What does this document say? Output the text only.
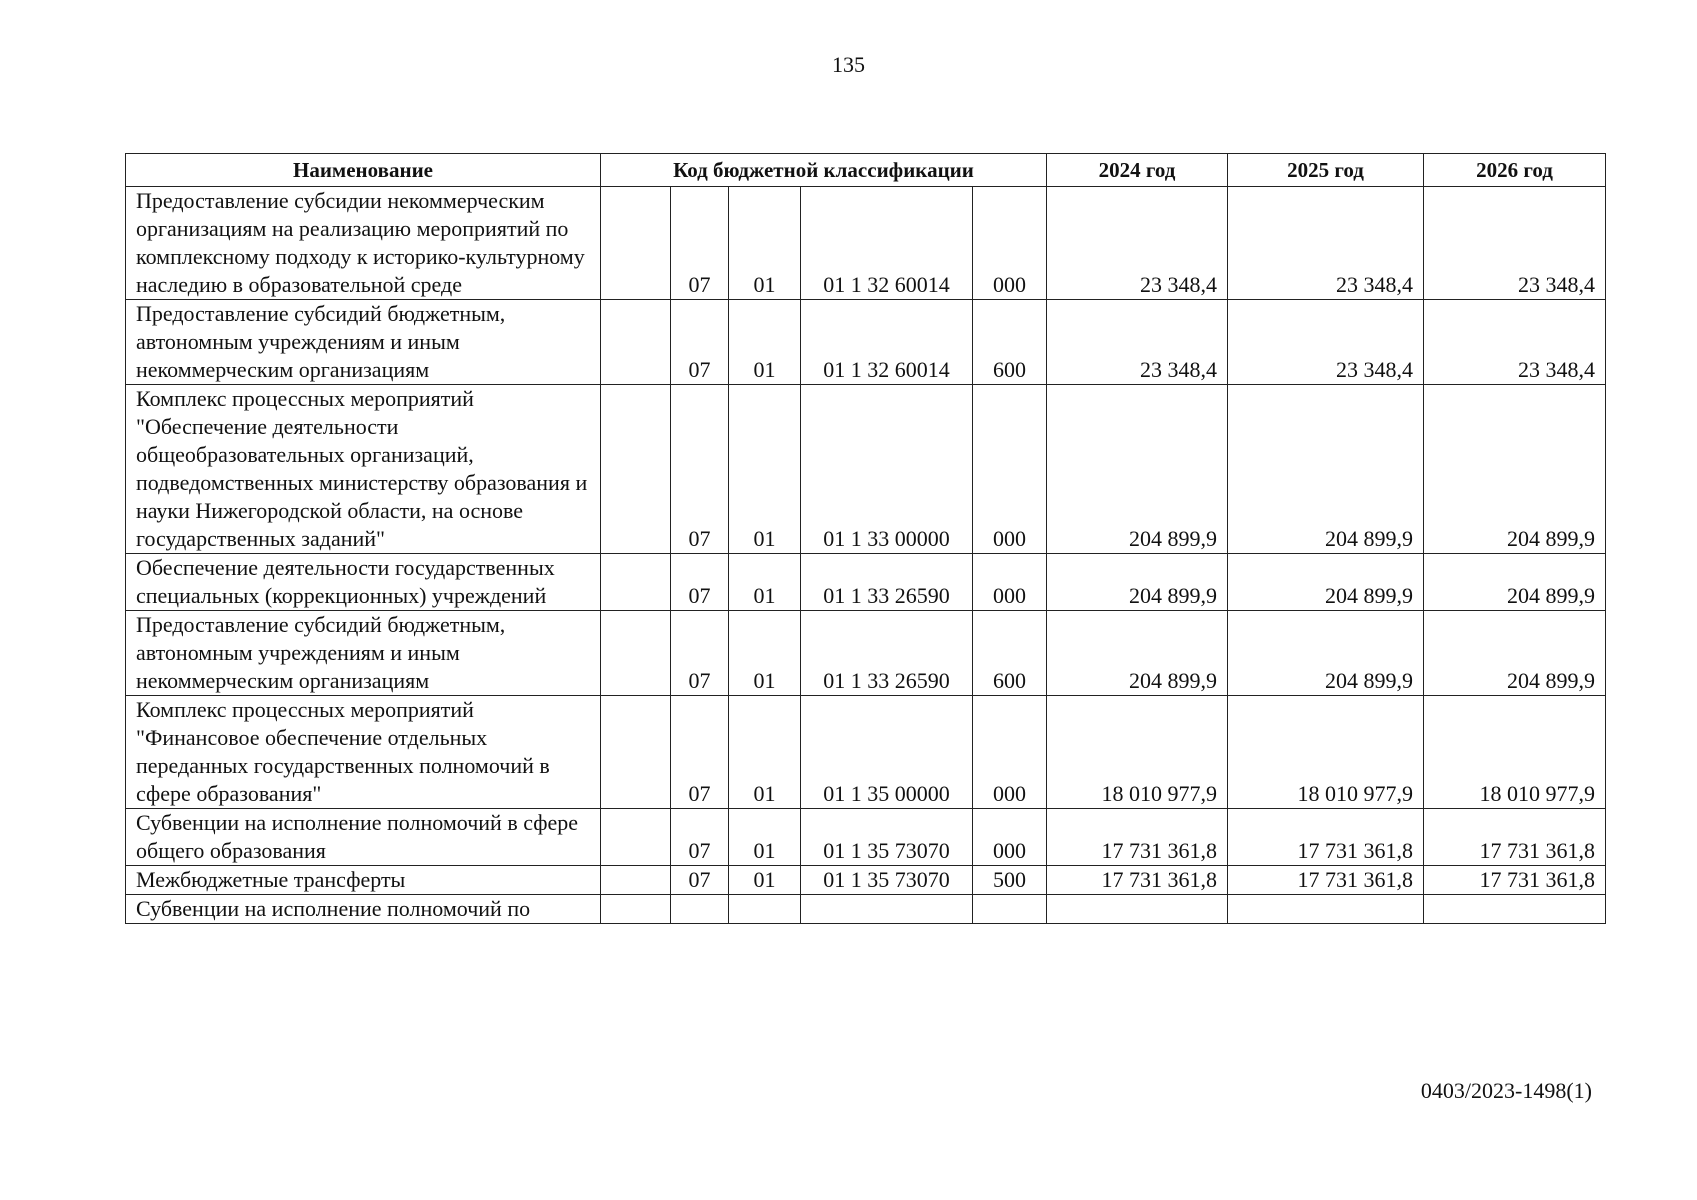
135
Наименование	Код бюджетной классификации					2024 год	2025 год	2026 год
Предоставление субсидии некоммерческим организациям на реализацию мероприятий по комплексному подходу к историко-культурному наследию в образовательной среде		07	01	01 1 32 60014	000	23 348,4	23 348,4	23 348,4
Предоставление субсидий бюджетным, автономным учреждениям и иным некоммерческим организациям		07	01	01 1 32 60014	600	23 348,4	23 348,4	23 348,4
Комплекс процессных мероприятий "Обеспечение деятельности общеобразовательных организаций, подведомственных министерству образования и науки Нижегородской области, на основе государственных заданий"		07	01	01 1 33 00000	000	204 899,9	204 899,9	204 899,9
Обеспечение деятельности государственных специальных (коррекционных) учреждений		07	01	01 1 33 26590	000	204 899,9	204 899,9	204 899,9
Предоставление субсидий бюджетным, автономным учреждениям и иным некоммерческим организациям		07	01	01 1 33 26590	600	204 899,9	204 899,9	204 899,9
Комплекс процессных мероприятий "Финансовое обеспечение отдельных переданных государственных полномочий в сфере образования"		07	01	01 1 35 00000	000	18 010 977,9	18 010 977,9	18 010 977,9
Субвенции на исполнение полномочий в сфере общего образования		07	01	01 1 35 73070	000	17 731 361,8	17 731 361,8	17 731 361,8
Межбюджетные трансферты		07	01	01 1 35 73070	500	17 731 361,8	17 731 361,8	17 731 361,8
Субвенции на исполнение полномочий по								
0403/2023-1498(1)
